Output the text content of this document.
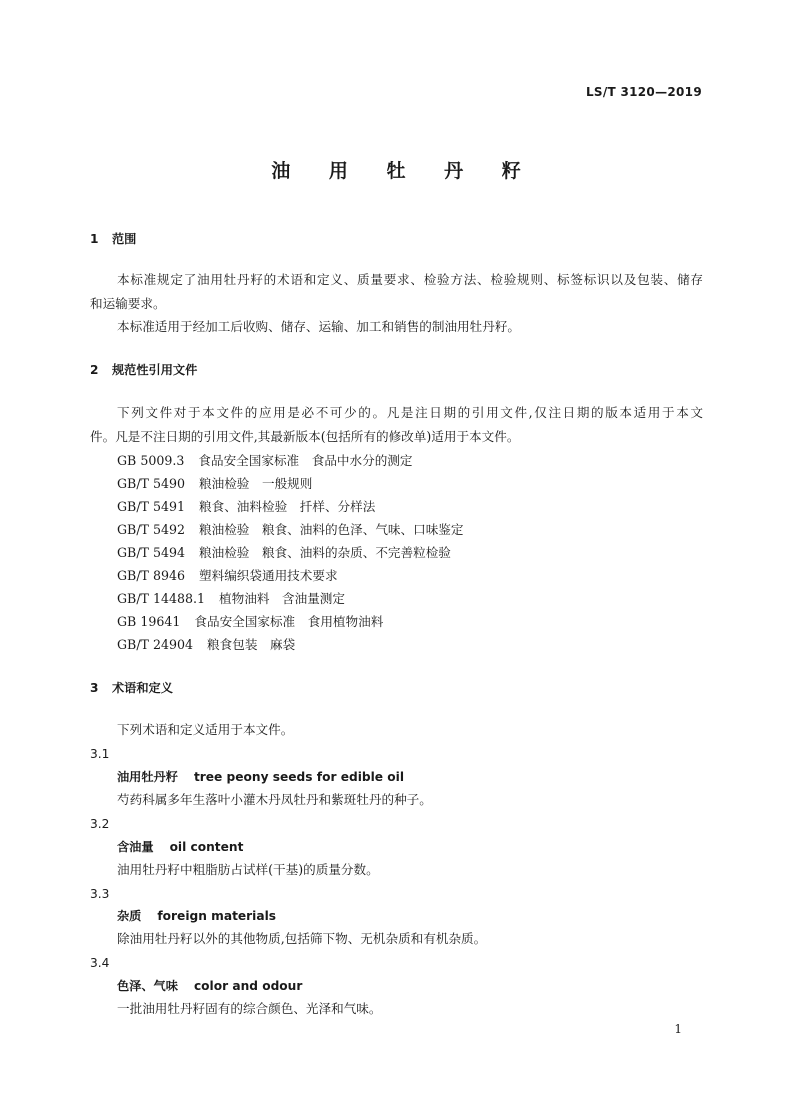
LS/T 3120—2019
油 用 牡 丹 籽
1 范围
本标准规定了油用牡丹籽的术语和定义、质量要求、检验方法、检验规则、标签标识以及包装、储存
和运输要求。
本标准适用于经加工后收购、储存、运输、加工和销售的制油用牡丹籽。
2 规范性引用文件
下列文件对于本文件的应用是必不可少的。凡是注日期的引用文件,仅注日期的版本适用于本文
件。凡是不注日期的引用文件,其最新版本(包括所有的修改单)适用于本文件。
GB 5009.3 食品安全国家标准　食品中水分的测定
GB/T 5490 粮油检验　一般规则
GB/T 5491 粮食、油料检验　扦样、分样法
GB/T 5492 粮油检验　粮食、油料的色泽、气味、口味鉴定
GB/T 5494 粮油检验　粮食、油料的杂质、不完善粒检验
GB/T 8946 塑料编织袋通用技术要求
GB/T 14488.1 植物油料　含油量测定
GB 19641 食品安全国家标准　食用植物油料
GB/T 24904 粮食包装　麻袋
3 术语和定义
下列术语和定义适用于本文件。
3.1
油用牡丹籽 tree peony seeds for edible oil
芍药科属多年生落叶小灌木丹凤牡丹和紫斑牡丹的种子。
3.2
含油量 oil content
油用牡丹籽中粗脂肪占试样(干基)的质量分数。
3.3
杂质 foreign materials
除油用牡丹籽以外的其他物质,包括筛下物、无机杂质和有机杂质。
3.4
色泽、气味 color and odour
一批油用牡丹籽固有的综合颜色、光泽和气味。
1
